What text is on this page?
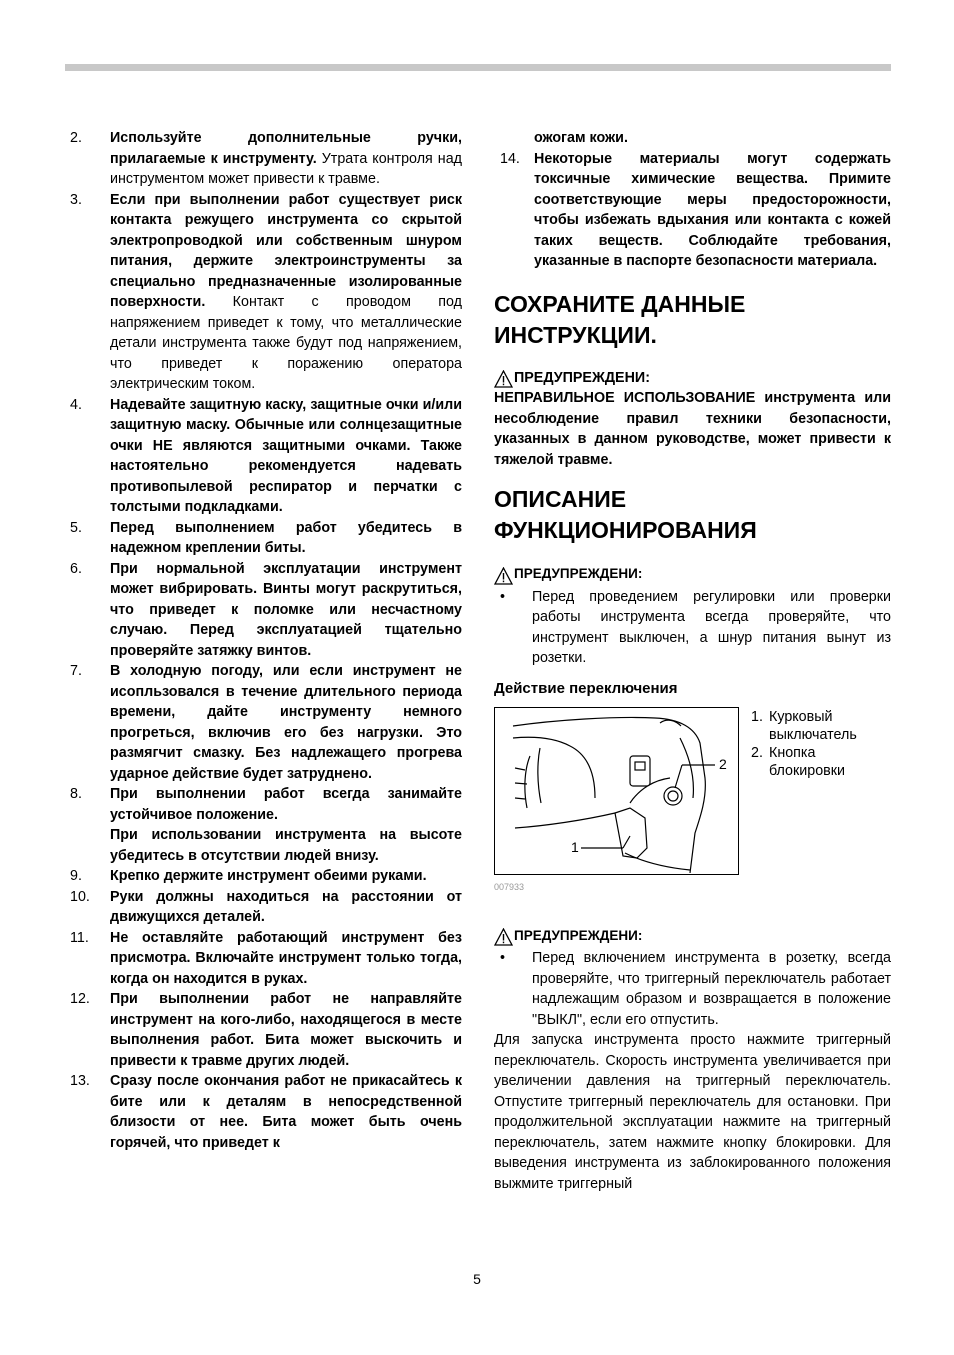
2.	Используйте дополнительные ручки, прилагаемые к инструменту. Утрата контроля над инструментом может привести к травме.
3.	Если при выполнении работ существует риск контакта режущего инструмента со скрытой электропроводкой или собственным шнуром питания, держите электроинструменты за специально предназначенные изолированные поверхности. Контакт с проводом под напряжением приведет к тому, что металлические детали инструмента также будут под напряжением, что приведет к поражению оператора электрическим током.
4.	Надевайте защитную каску, защитные очки и/или защитную маску. Обычные или солнцезащитные очки НЕ являются защитными очками. Также настоятельно рекомендуется надевать противопылевой респиратор и перчатки с толстыми подкладками.
5.	Перед выполнением работ убедитесь в надежном креплении биты.
6.	При нормальной эксплуатации инструмент может вибрировать. Винты могут раскрутиться, что приведет к поломке или несчастному случаю. Перед эксплуатацией тщательно проверяйте затяжку винтов.
7.	В холодную погоду, или если инструмент не исопльзовался в течение длительного периода времени, дайте инструменту немного прогреться, включив его без нагрузки. Это размягчит смазку. Без надлежащего прогрева ударное действие будет затруднено.
8.	При выполнении работ всегда занимайте устойчивое положение.
При использовании инструмента на высоте убедитесь в отсутствии людей внизу.
9.	Крепко держите инструмент обеими руками.
10.	Руки должны находиться на расстоянии от движущихся деталей.
11.	Не оставляйте работающий инструмент без присмотра. Включайте инструмент только тогда, когда он находится в руках.
12.	При выполнении работ не направляйте инструмент на кого-либо, находящегося в месте выполнения работ. Бита может выскочить и привести к травме других людей.
13.	Сразу после окончания работ не прикасайтесь к бите или к деталям в непосредственной близости от нее. Бита может быть очень горячей, что приведет к
ожогам кожи.
14. Некоторые материалы могут содержать токсичные химические вещества. Примите соответствующие меры предосторожности, чтобы избежать вдыхания или контакта с кожей таких веществ. Соблюдайте требования, указанные в паспорте безопасности материала.
СОХРАНИТЕ ДАННЫЕ ИНСТРУКЦИИ.
ПРЕДУПРЕЖДЕНИ:
НЕПРАВИЛЬНОЕ ИСПОЛЬЗОВАНИЕ инструмента или несоблюдение правил техники безопасности, указанных в данном руководстве, может привести к тяжелой травме.
ОПИСАНИЕ ФУНКЦИОНИРОВАНИЯ
ПРЕДУПРЕЖДЕНИ:
•	Перед проведением регулировки или проверки работы инструмента всегда проверяйте, что инструмент выключен, а шнур питания вынут из розетки.
Действие переключения
1
2
007933
1. Курковый выключатель
2. Кнопка блокировки
ПРЕДУПРЕЖДЕНИ:
•	Перед включением инструмента в розетку, всегда проверяйте, что триггерный переключатель работает надлежащим образом и возвращается в положение "ВЫКЛ", если его отпустить.
Для запуска инструмента просто нажмите триггерный переключатель. Скорость инструмента увеличивается при увеличении давления на триггерный переключатель. Отпустите триггерный переключатель для остановки. При продолжительной эксплуатации нажмите на триггерный переключатель, затем нажмите кнопку блокировки. Для выведения инструмента из заблокированного положения выжмите триггерный
5
